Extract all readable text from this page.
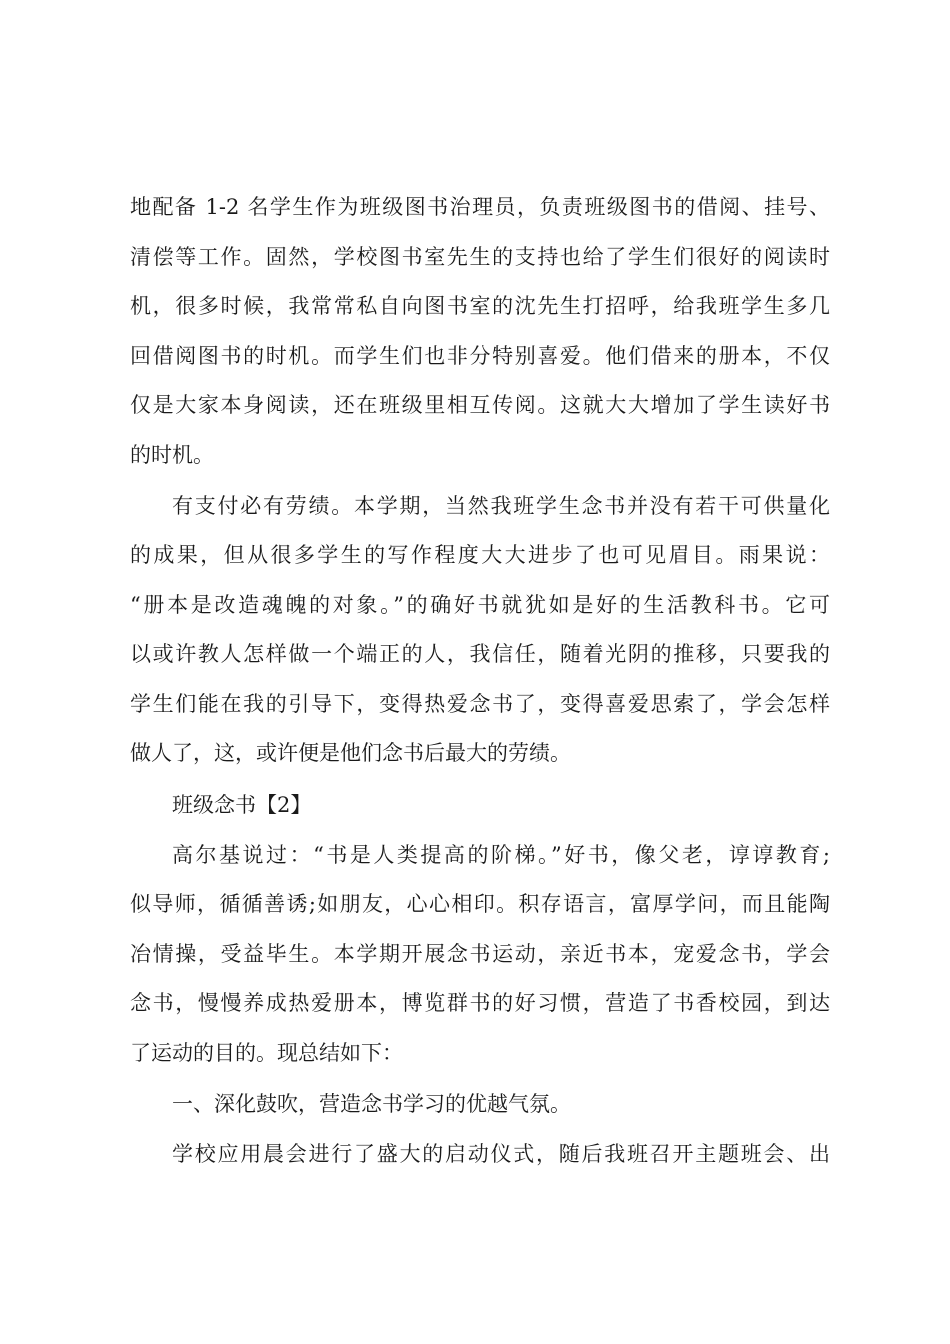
地配备 1-2 名学生作为班级图书治理员，负责班级图书的借阅、挂号、
清偿等工作。固然，学校图书室先生的支持也给了学生们很好的阅读时
机，很多时候，我常常私自向图书室的沈先生打招呼，给我班学生多几
回借阅图书的时机。而学生们也非分特别喜爱。他们借来的册本，不仅
仅是大家本身阅读，还在班级里相互传阅。这就大大增加了学生读好书
的时机。
有支付必有劳绩。本学期，当然我班学生念书并没有若干可供量化
的成果，但从很多学生的写作程度大大进步了也可见眉目。雨果说：
“册本是改造魂魄的对象。”的确好书就犹如是好的生活教科书。它可
以或许教人怎样做一个端正的人，我信任，随着光阴的推移，只要我的
学生们能在我的引导下，变得热爱念书了，变得喜爱思索了，学会怎样
做人了，这，或许便是他们念书后最大的劳绩。
班级念书【2】
高尔基说过：“书是人类提高的阶梯。”好书，像父老，谆谆教育;
似导师，循循善诱;如朋友，心心相印。积存语言，富厚学问，而且能陶
冶情操，受益毕生。本学期开展念书运动，亲近书本，宠爱念书，学会
念书，慢慢养成热爱册本，博览群书的好习惯，营造了书香校园，到达
了运动的目的。现总结如下：
一、深化鼓吹，营造念书学习的优越气氛。
学校应用晨会进行了盛大的启动仪式，随后我班召开主题班会、出
